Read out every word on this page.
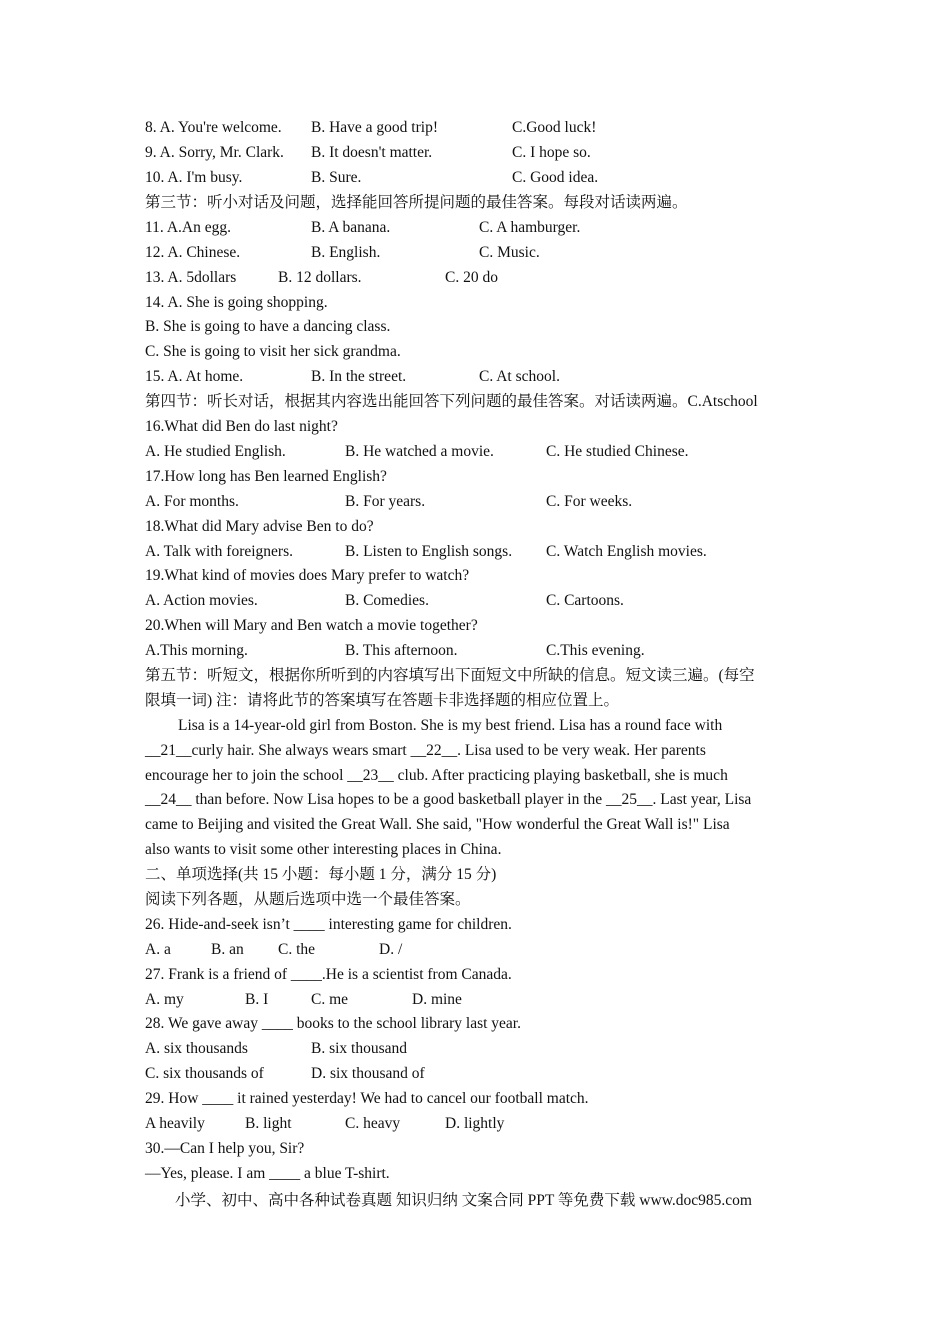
8. A. You're welcome. B. Have a good trip!	C.Good luck!
9. A. Sorry, Mr. Clark. B. It doesn't matter.	C. I hope so.
10. A. I'm busy.	B. Sure.	C. Good idea.
第三节：听小对话及问题，选择能回答所提问题的最佳答案。每段对话读两遍。
11. A.An egg.	B. A banana.	C. A hamburger.
12. A. Chinese.	B. English.	C. Music.
13. A. 5dollars	B. 12 dollars.	C. 20 do
14. A. She is going shopping.
B. She is going to have a dancing class.
C. She is going to visit her sick grandma.
15. A. At home.	B. In the street.	C. At school.
第四节：听长对话，根据其内容选出能回答下列问题的最佳答案。对话读两遍。C.Atschool
16.What did Ben do last night?
A. He studied English.	B. He watched a movie.	C. He studied Chinese.
17.How long has Ben learned English?
A. For months.	B. For years.	C. For weeks.
18.What did Mary advise Ben to do?
A. Talk with foreigners.	B. Listen to English songs. C. Watch English movies.
19.What kind of movies does Mary prefer to watch?
A. Action movies.	B. Comedies.	C. Cartoons.
20.When will Mary and Ben watch a movie together?
A.This morning.	B. This afternoon.	C.This evening.
第五节：听短文，根据你所听到的内容填写出下面短文中所缺的信息。短文读三遍。(每空
限填一词) 注：请将此节的答案填写在答题卡非选择题的相应位置上。
Lisa is a 14-year-old girl from Boston. She is my best friend. Lisa has a round face with
__21__curly hair. She always wears smart __22__. Lisa used to be very weak. Her parents
encourage her to join the school __23__ club. After practicing playing basketball, she is much
__24__ than before. Now Lisa hopes to be a good basketball player in the __25__. Last year, Lisa
came to Beijing and visited the Great Wall. She said, "How wonderful the Great Wall is!" Lisa
also wants to visit some other interesting places in China.
二、单项选择(共 15 小题：每小题 1 分，满分 15 分)
阅读下列各题，从题后选项中选一个最佳答案。
26. Hide-and-seek isn’t ____ interesting game for children.
A. a	B. an C. the	D. /
27. Frank is a friend of ____.He is a scientist from Canada.
A. my	B. I	C. me	D. mine
28. We gave away ____ books to the school library last year.
A. six thousands	B. six thousand
C. six thousands of	D. six thousand of
29. How ____ it rained yesterday! We had to cancel our football match.
A heavily	B. light	C. heavy	D. lightly
30.—Can I help you, Sir?
—Yes, please. I am ____ a blue T-shirt.
小学、初中、高中各种试卷真题 知识归纳 文案合同 PPT 等免费下载 www.doc985.com
